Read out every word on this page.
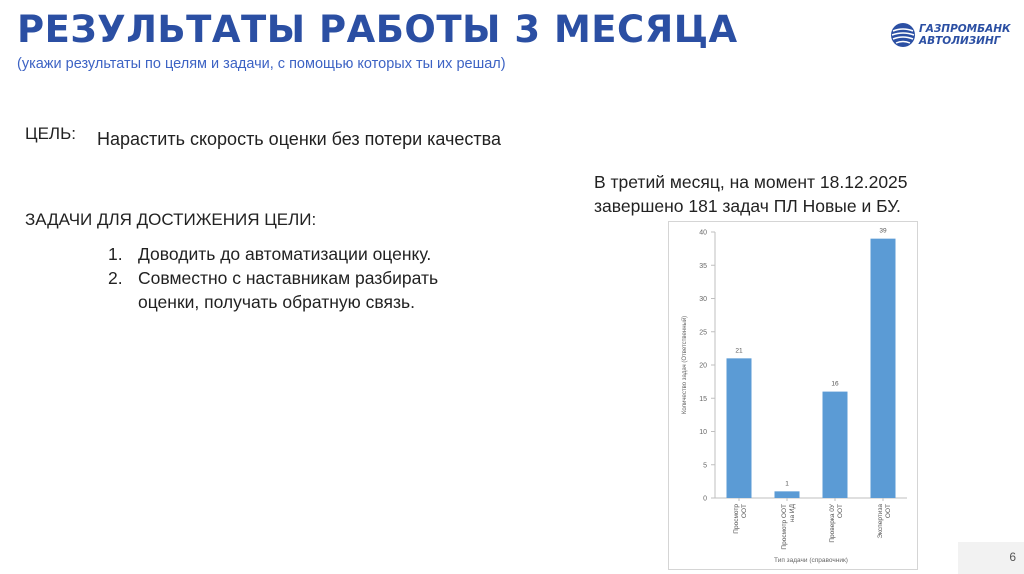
РЕЗУЛЬТАТЫ РАБОТЫ 3 МЕСЯЦА
(укажи результаты по целям и задачи, с помощью которых ты их решал)
ГАЗПРОМБАНК
АВТОЛИЗИНГ
ЦЕЛЬ: Нарастить скорость оценки без потери качества
ЗАДАЧИ ДЛЯ ДОСТИЖЕНИЯ ЦЕЛИ:
1. Доводить до автоматизации оценку.
2. Совместно с наставникам разбирать оценки, получать обратную связь.
В третий месяц, на момент 18.12.2025 завершено 181 задач ПЛ Новые и БУ.
0
5
10
15
20
25
30
35
40
21
ПросмотрООТ
1
Просмотр ООТна ИД
16
Проверка 0УООТ
39
ЭкспертизаООТ
Количество задач (Ответственный)
Тип задачи (справочник)	6
